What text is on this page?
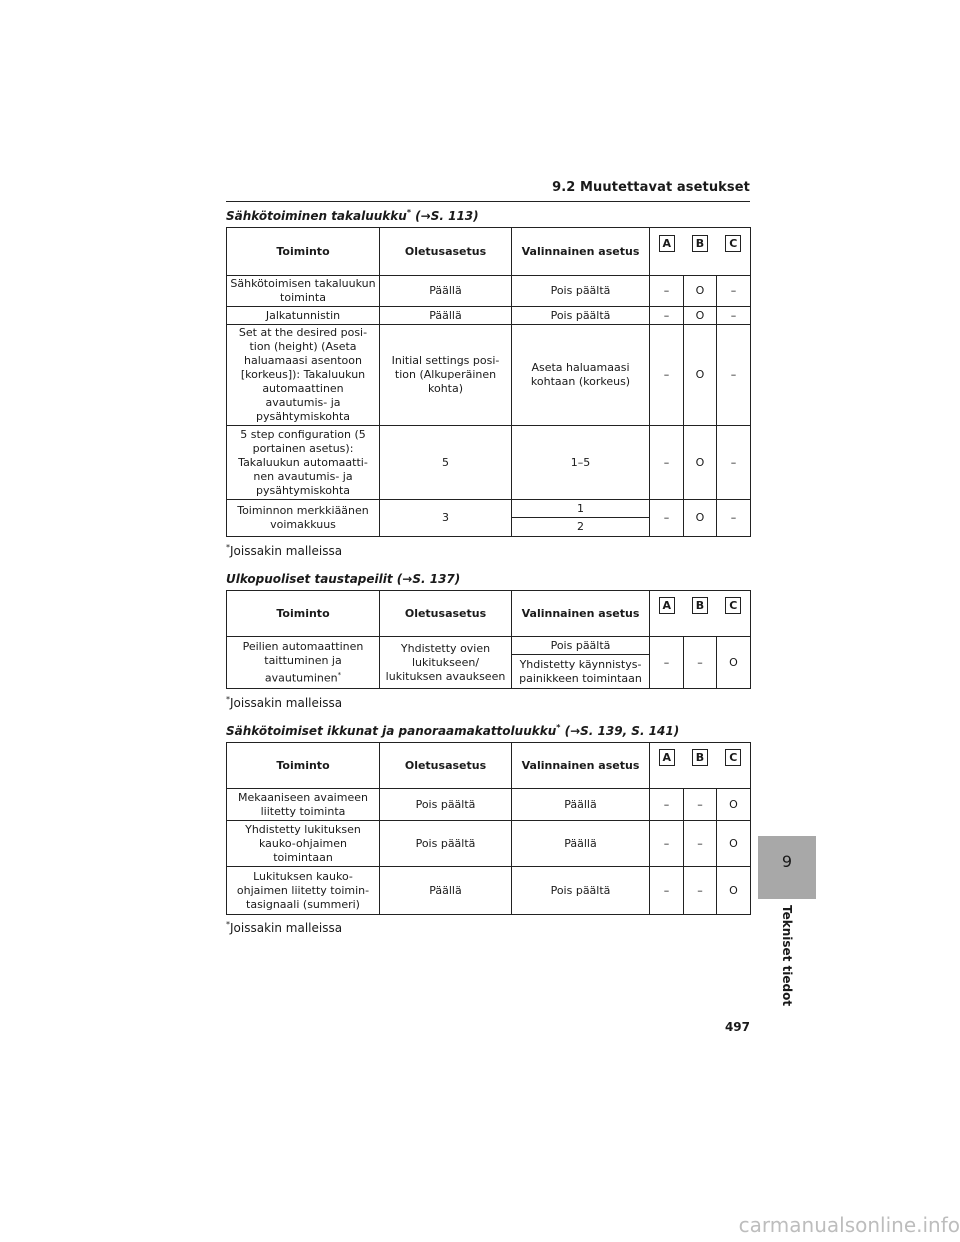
9.2 Muutettavat asetukset
Sähkötoiminen takaluukku* (→S. 113)
Toiminto	Oletusasetus	Valinnainen asetus	A	B	C
Sähkötoimisen takaluukun toiminta	Päällä	Pois päältä	–	O	–
Jalkatunnistin	Päällä	Pois päältä	–	O	–
Set at the desired posi-tion (height) (Aseta haluamaasi asentoon [korkeus]): Takaluukun automaattinen avautumis- ja pysähtymiskohta	Initial settings posi-tion (Alkuperäinen kohta)	Aseta haluamaasi kohtaan (korkeus)	–	O	–
5 step configuration (5 portainen asetus): Takaluukun automaatti-nen avautumis- ja pysähtymiskohta	5	1–5	–	O	–
Toiminnon merkkiäänen voimakkuus	3	1	–	O	–
		2			
*Joissakin malleissa
Ulkopuoliset taustapeilit (→S. 137)
Toiminto	Oletusasetus	Valinnainen asetus	A	B	C
Peilien automaattinen taittuminen ja avautuminen*	Yhdistetty ovien lukitukseen/ lukituksen avaukseen	Pois päältä	–	–	O
		Yhdistetty käynnistys-painikkeen toimintaan			
*Joissakin malleissa
Sähkötoimiset ikkunat ja panoraamakattoluukku* (→S. 139, S. 141)
Toiminto	Oletusasetus	Valinnainen asetus	A	B	C
Mekaaniseen avaimeen liitetty toiminta	Pois päältä	Päällä	–	–	O
Yhdistetty lukituksen kauko-ohjaimen toimintaan	Pois päältä	Päällä	–	–	O
Lukituksen kauko-ohjaimen liitetty toimin-tasignaali (summeri)	Päällä	Pois päältä	–	–	O
*Joissakin malleissa
9
Tekniset tiedot
497
carmanualsonline.info
